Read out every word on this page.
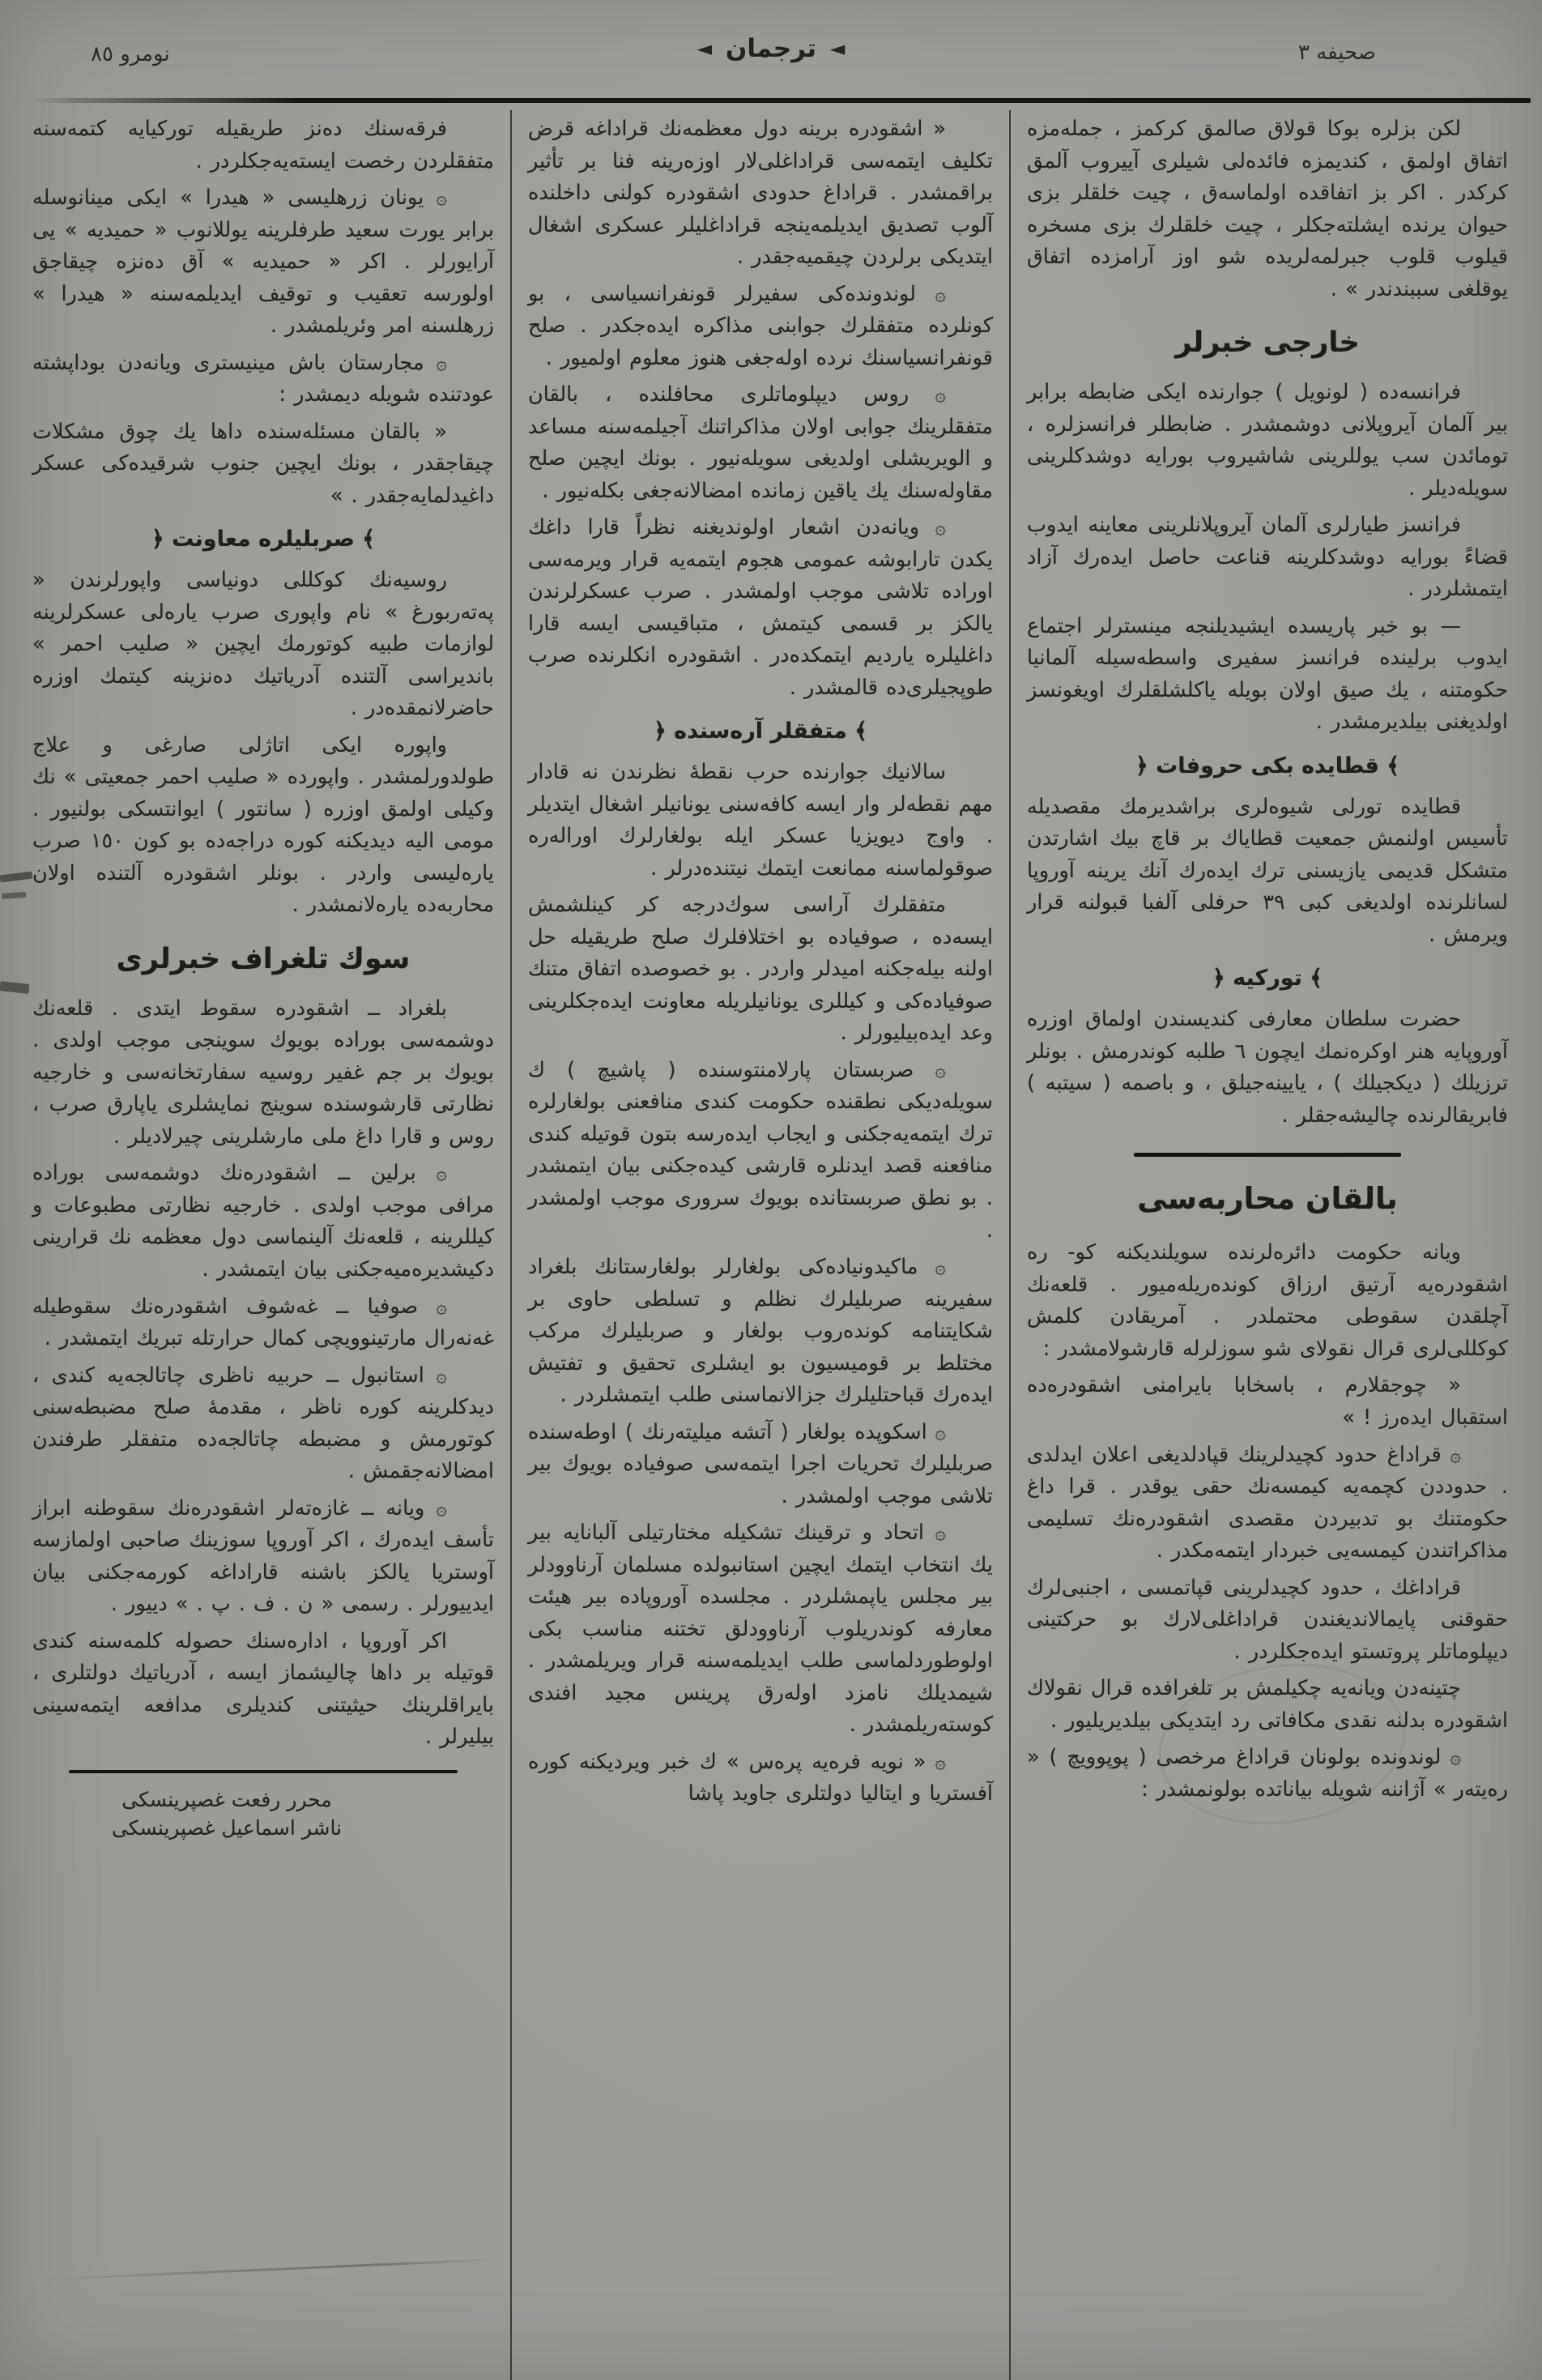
صحيفه ٣
◄ ترجمان ◄
نومرو ٨٥

لكن بزلره بوكا قولاق صالمق كركمز ، جمله‌مزه اتفاق اولمق ، كنديمزه فائده‌لى شيلرى آييروب آلمق كركدر . اكر بز اتفاقده اولماسه‌ق ، چيت خلقلر بزى حيوان يرنده ايشلته‌جكلر ، چيت خلقلرك بزى مسخره قيلوب قلوب جبرلمه‌لريده شو اوز آرامزده اتفاق يوقلغى سببندندر » .

خارجى خبرلر

فرانسه‌ده ( لونويل ) جوارنده ايكى ضابطه برابر بير آلمان آيروپلانى دوشمشدر . ضابطلر فرانسزلره ، تومائدن سب يوللرينى شاشيروب بورايه دوشدكلرينى سويله‌ديلر .

فرانسز طيارلرى آلمان آيروپلانلرينى معاينه ايدوب قضاءً بورايه دوشدكلرينه قناعت حاصل ايده‌رك آزاد ايتمشلردر .

— بو خبر پاريسده ايشيديلنجه مينسترلر اجتماع ايدوب برلينده فرانسز سفيرى واسطه‌سيله آلمانيا حكومتنه ، يك صيق اولان بويله ياكلشلقلرك اويغونسز اولديغنى بيلديرمشدر .

﴾ قطايده بكى حروفات ﴿

قطايده تورلى شيوه‌لرى براشديرمك مقصديله تأسيس اولنمش جمعيت قطاياك بر قاچ بيك اشارتدن متشكل قديمى يازيسنى ترك ايده‌رك آنك يرينه آوروپا لسانلرنده اولديغى كبى ٣٩ حرفلى آلفبا قبولنه قرار ويرمش .

﴾ توركيه ﴿

حضرت سلطان معارفى كنديسندن اولماق اوزره آوروپايه هنر اوكرەنمك ايچون ٦ طلبه كوندرمش . بونلر ترزيلك ( ديكجيلك ) ، يايينه‌جيلق ، و باصمه ( سيتبه ) فابريقالرنده چاليشه‌جقلر .

بالقان محاربه‌سى

ويانه حكومت دائره‌لرنده سويلنديكنه كو- ره اشقودره‌يه آرتيق ارزاق كونده‌ريله‌ميور . قلعه‌نك آچلقدن سقوطى محتملدر . آمريقادن كلمش كوكللى‌لرى قرال نقولاى شو سوزلرله قارشولامشدر :

« چوجقلارم ، باسخابا بايرامنى اشقودره‌ده استقبال ايده‌رز ! »

۞ قراداغ حدود كچيدلرينك قپادلديغى اعلان ايدلدى . حدوددن كچمه‌يه كيمسه‌نك حقى يوقدر . قرا داغ حكومتنك بو تدبيردن مقصدى اشقودره‌نك تسليمى مذاكراتندن كيمسه‌يى خبردار ايتمه‌مكدر .

قراداغك ، حدود كچيدلرينى قپاتمسى ، اجنبى‌لرك حقوقنى پايمالانديغندن قراداغلى‌لارك بو حركتينى ديپلوماتلر پروتستو ايده‌جكلردر .

چتينه‌دن ويانه‌يه چكيلمش بر تلغرافده قرال نقولاك اشقودره بدلنه نقدى مكافاتى رد ايتديكى بيلديريليور .

۞ لوندونده بولونان قراداغ مرخصى ( پوپوويچ ) « رەيته‌ر » آژاننه شويله بياناتده بولونمشدر :

« اشقودره برينه دول معظمه‌نك قراداغه قرض تكليف ايتمه‌سى قراداغلى‌لار اوزه‌رينه فنا بر تأثير براقمشدر . قراداغ حدودى اشقودره كولنى داخلنده آلوب تصديق ايديلمه‌ينجه قراداغليلر عسكرى اشغال ايتديكى برلردن چيقميه‌جقدر .

۞ لوندونده‌كى سفيرلر قونفرانسياسى ، بو كونلرده متفقلرك جوابنى مذاكره ايده‌جكدر . صلح قونفرانسياسنك نرده اوله‌جغى هنوز معلوم اولميور .

۞ روس ديپلوماتلرى محافلنده ، بالقان متفقلرينك جوابى اولان مذاكراتنك آجيلمه‌سنه مساعد و الويريشلى اولديغى سويله‌نيور . بونك ايچين صلح مقاوله‌سنك يك ياقين زمانده امضالانه‌جغى بكله‌نيور .

۞ ويانه‌دن اشعار اولونديغنه نظراً قارا داغك يكدن تارابوشه عمومى هجوم ايتمه‌يه قرار ويرمه‌سى اوراده تلاشى موجب اولمشدر . صرب عسكرلرندن يالكز بر قسمى كيتمش ، متباقيسى ايسه قارا داغليلره يارديم ايتمكده‌در . اشقودره انكلرنده صرب طوپجيلرى‌ده قالمشدر .

﴾ متفقلر آره‌سنده ﴿

سالانيك جوارنده حرب نقطهٔ نظرندن نه قادار مهم نقطه‌لر وار ايسه كافه‌سنى يونانيلر اشغال ايتديلر . واوج ديويزيا عسكر ايله بولغارلرك اوراله‌ره صوقولماسنه ممانعت ايتمك نيتنده‌درلر .

متفقلرك آراسى سوك‌درجه كر كينلشمش ايسه‌ده ، صوفياده بو اختلافلرك صلح طريقيله حل اولنه بيله‌جكنه اميدلر واردر . بو خصوصده اتفاق متنك صوفياده‌كى و كيللرى يونانيلريله معاونت ايده‌جكلرينى وعد ايده‌بيليورلر .

۞ صربستان پارلامنتوسنده ( پاشيچ ) ك سويله‌ديكى نطقنده حكومت كندى منافعنى بولغارلره ترك ايتمه‌يه‌جكنى و ايجاب ايده‌رسه بتون قوتيله كندى منافعنه قصد ايدنلره قارشى كيده‌جكنى بيان ايتمشدر . بو نطق صربستانده بويوك سرورى موجب اولمشدر .

۞ ماكيدونياده‌كى بولغارلر بولغارستانك بلغراد سفيرينه صربليلرك نظلم و تسلطى حاوى بر شكايتنامه كوندەروب بولغار و صربليلرك مركب مختلط بر قوميسيون بو ايشلرى تحقيق و تفتيش ايده‌رك قباحتليلرك جزالانماسنى طلب ايتمشلردر .

۞ اسكوپده بولغار ( آتشه ميليته‌رنك ) اوطه‌سنده صربليلرك تحريات اجرا ايتمه‌سى صوفياده بويوك بير تلاشى موجب اولمشدر .

۞ اتحاد و ترقينك تشكيله مختارتيلى آلبانايه بير يك انتخاب ايتمك ايچين استانبولده مسلمان آرناوودلر بير مجلس ياپمشلردر . مجلسده آوروپاده بير هيئت معارفه كوندريلوب آرناوودلق تختنه مناسب بكى اولوطوردلماسى طلب ايديلمه‌سنه قرار ويريلمشدر . شيمديلك نامزد اولەرق پرينس مجيد افندى كوسته‌ريلمشدر .

۞ « نويه فرەيه پرەس » ك خبر ويرديكنه كوره آفستريا و ايتاليا دولتلرى جاويد پاشا

فرقه‌سنك دەنز طريقيله توركيايه كتمه‌سنه متفقلردن رخصت ايسته‌يه‌جكلردر .

۞ يونان زرهليسى « هيدرا » ايكى مينانوسله برابر يورت سعيد طرفلرينه يوللانوب « حميديه » يى آرايورلر . اكر « حميديه » آق دەنزه چيقاجق اولورسه تعقيب و توقيف ايديلمه‌سنه « هيدرا » زرهلسنه امر وئريلمشدر .

۞ مجارستان باش مينيسترى ويانه‌دن بوداپشته عودتنده شويله ديمشدر :

« بالقان مسئله‌سنده داها يك چوق مشكلات چيقاجقدر ، بونك ايچين جنوب شرقيده‌كى عسكر داغيدلمايه‌جقدر . »

﴾ صربليلره معاونت ﴿

روسيه‌نك كوكللى دونياسى واپورلرندن « پەتەربورغ » نام واپورى صرب يارەلى عسكرلرينه لوازمات طبيه كوتورمك ايچين « صليب احمر » بانديراسى آلتنده آدرياتيك دەنزينه كيتمك اوزره حاضرلانمقده‌در .

واپوره ايكى اتاژلى صارغى و علاج طولدورلمشدر . واپورده « صليب احمر جمعيتى » نك وكيلى اولمق اوزره ( سانتور ) ايوانتسكى بولنيور . مومى اليه ديديكنه كوره دراجه‌ده بو كون ١٥٠ صرب يارەليسى واردر . بونلر اشقودره آلتنده اولان محاربه‌ده يارەلانمشدر .

سوك تلغراف خبرلرى

بلغراد ــ اشقودره سقوط ايتدى . قلعه‌نك دوشمه‌سى بوراده بويوك سوينجى موجب اولدى . بويوك بر جم غفير روسيه سفارتخانه‌سى و خارجيه نظارتى قارشوسنده سوينج نمايشلرى ياپارق صرب ، روس و قارا داغ ملى مارشلرينى چيرلاديلر .

۞ برلين ــ اشقودره‌نك دوشمه‌سى بوراده مرافى موجب اولدى . خارجيه نظارتى مطبوعات و كيللرينه ، قلعه‌نك آلينماسى دول معظمه نك قرارينى دكيشديرەميه‌جكنى بيان ايتمشدر .

۞ صوفيا ــ غەشوف اشقودره‌نك سقوطيله غەنەرال مارتينوويچى كمال حرارتله تبريك ايتمشدر .

۞ استانبول ــ حربيه ناظرى چاتالجه‌يه كندى ، ديدكلرينه كوره ناظر ، مقدمهٔ صلح مضبطه‌سنى كوتورمش و مضبطه چاتالجه‌ده متفقلر طرفندن امضالانه‌جقمش .

۞ ويانه ــ غازەته‌لر اشقودره‌نك سقوطنه ابراز تأسف ايده‌رك ، اكر آوروپا سوزينك صاحبى اولمازسه آوستريا يالكز باشنه قاراداغه كورمه‌جكنى بيان ايدييورلر . رسمى « ن . ف . پ . » دييور .

اكر آوروپا ، اداره‌سنك حصوله كلمه‌سنه كندى قوتيله بر داها چاليشماز ايسه ، آدرياتيك دولتلرى ، بايراقلرينك حيثيتنى كنديلرى مدافعه ايتمه‌سينى بيليرلر .

محرر رفعت غصپرينسكى

ناشر اسماعيل غصپرينسكى
